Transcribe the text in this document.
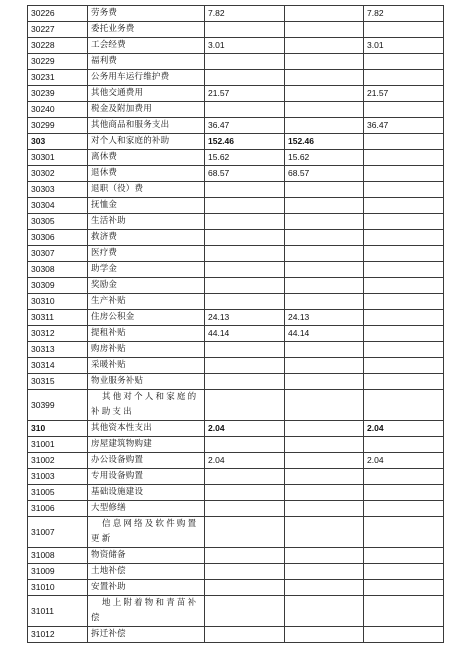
30226	劳务费	7.82		7.82
30227	委托业务费			
30228	工会经费	3.01		3.01
30229	福利费			
30231	公务用车运行维护费			
30239	其他交通费用	21.57		21.57
30240	税金及附加费用			
30299	其他商品和服务支出	36.47		36.47
303	对个人和家庭的补助	152.46	152.46	
30301	离休费	15.62	15.62	
30302	退休费	68.57	68.57	
30303	退职（役）费			
30304	抚恤金			
30305	生活补助			
30306	救济费			
30307	医疗费			
30308	助学金			
30309	奖励金			
30310	生产补贴			
30311	住房公积金	24.13	24.13	
30312	提租补贴	44.14	44.14	
30313	购房补贴			
30314	采暖补贴			
30315	物业服务补贴			
30399	其他对个人和家庭的补助支出			
310	其他资本性支出	2.04		2.04
31001	房屋建筑物购建			
31002	办公设备购置	2.04		2.04
31003	专用设备购置			
31005	基础设施建设			
31006	大型修缮			
31007	信息网络及软件购置更新			
31008	物资储备			
31009	土地补偿			
31010	安置补助			
31011	地上附着物和青苗补偿			
31012	拆迁补偿			
